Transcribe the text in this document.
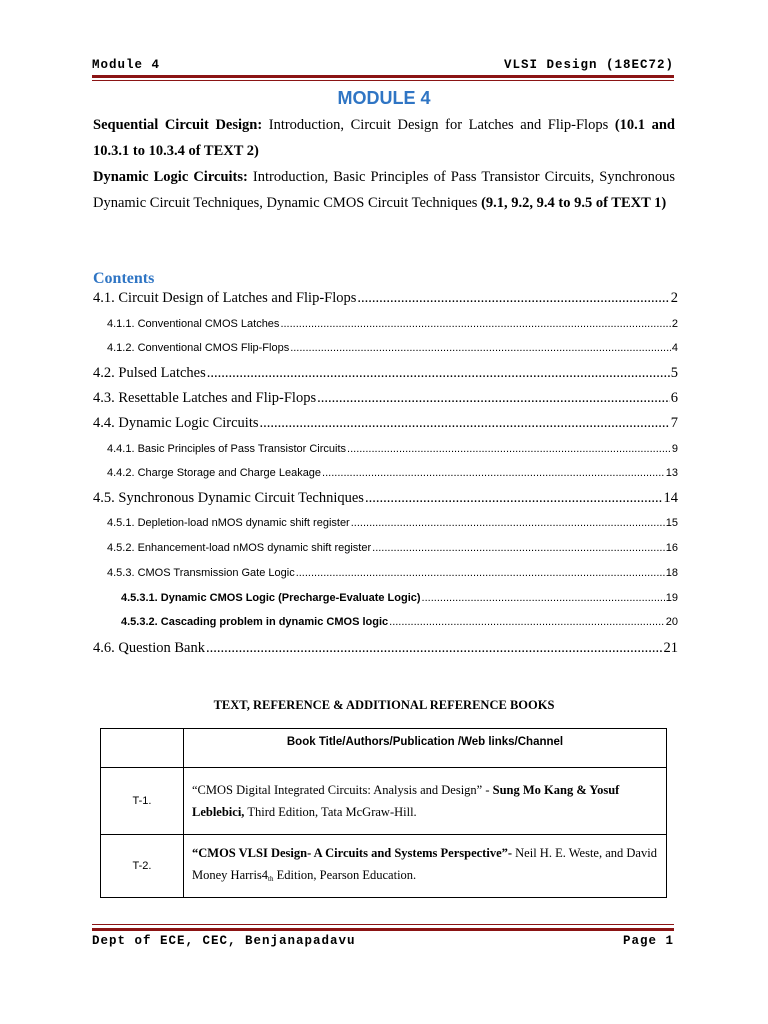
Module 4	VLSI Design (18EC72)
MODULE 4

Sequential Circuit Design: Introduction, Circuit Design for Latches and Flip-Flops (10.1 and 10.3.1 to 10.3.4 of TEXT 2)

Dynamic Logic Circuits: Introduction, Basic Principles of Pass Transistor Circuits, Synchronous Dynamic Circuit Techniques, Dynamic CMOS Circuit Techniques (9.1, 9.2, 9.4 to 9.5 of TEXT 1)

Contents
4.1. Circuit Design of Latches and Flip-Flops .....	2
4.1.1. Conventional CMOS Latches .....	2
4.1.2. Conventional CMOS Flip-Flops .....	4
4.2. Pulsed Latches .....	5
4.3. Resettable Latches and Flip-Flops .....	6
4.4. Dynamic Logic Circuits .....	7
4.4.1. Basic Principles of Pass Transistor Circuits .....	9
4.4.2. Charge Storage and Charge Leakage .....	13
4.5. Synchronous Dynamic Circuit Techniques .....	14
4.5.1. Depletion-load nMOS dynamic shift register .....	15
4.5.2. Enhancement-load nMOS dynamic shift register .....	16
4.5.3. CMOS Transmission Gate Logic .....	18
4.5.3.1. Dynamic CMOS Logic (Precharge-Evaluate Logic) .....	19
4.5.3.2. Cascading problem in dynamic CMOS logic .....	20
4.6. Question Bank .....	21
TEXT, REFERENCE & ADDITIONAL REFERENCE BOOKS
	Book Title/Authors/Publication /Web links/Channel
T-1.	“CMOS Digital Integrated Circuits: Analysis and Design” - Sung Mo Kang & Yosuf Leblebici, Third Edition, Tata McGraw-Hill.
T-2.	“CMOS VLSI Design- A Circuits and Systems Perspective”- Neil H. E. Weste, and David Money $Harris4_{th}$ Edition, Pearson Education.
Dept of ECE, CEC, Benjanapadavu	Page 1
